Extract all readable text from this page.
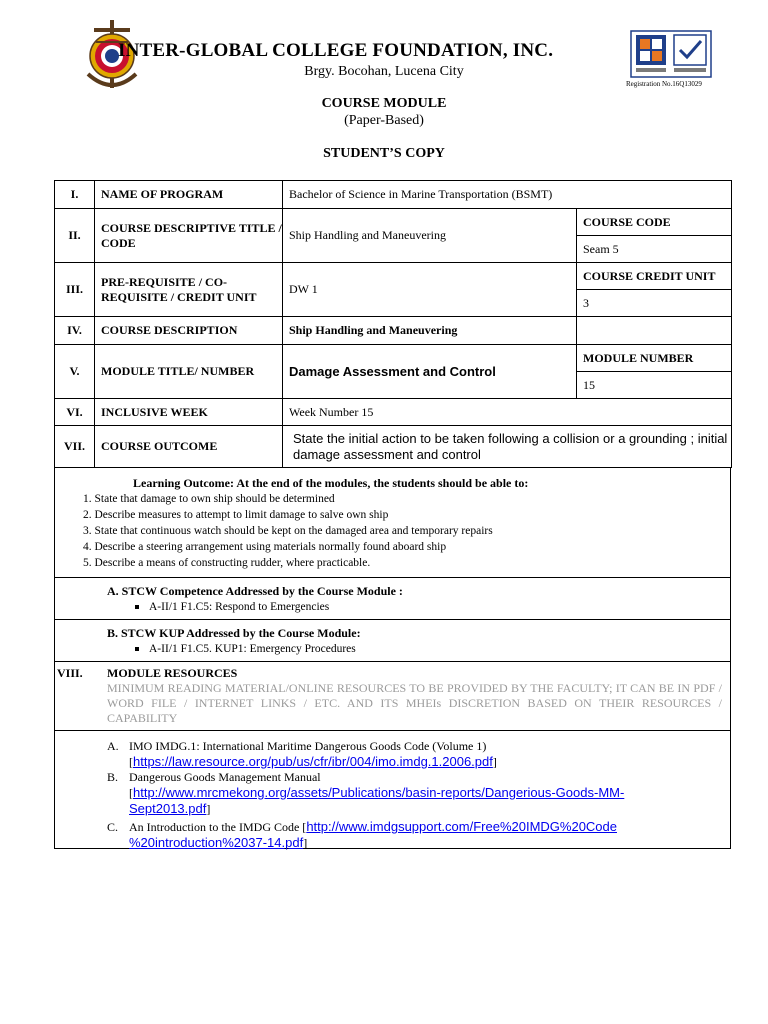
INTER-GLOBAL COLLEGE FOUNDATION, INC.
Brgy. Bocohan, Lucena City
Registration No.16Q13029
COURSE MODULE
(Paper-Based)
STUDENT’S COPY
I.	NAME OF PROGRAM	Bachelor of Science in Marine Transportation (BSMT)	
II.	COURSE DESCRIPTIVE TITLE / CODE	Ship Handling and Maneuvering	COURSE CODE
			Seam 5
III.	PRE-REQUISITE / CO-REQUISITE / CREDIT UNIT	DW 1	COURSE CREDIT UNIT
			3
IV.	COURSE DESCRIPTION	Ship Handling and Maneuvering	
V.	MODULE TITLE/ NUMBER	Damage Assessment and Control	MODULE NUMBER
			15
VI.	INCLUSIVE WEEK	Week Number 15	
VII.	COURSE OUTCOME	State the initial action to be taken following a collision or a grounding ; initial damage assessment and control	
Learning Outcome: At the end of the modules, the students should be able to:
1. State that damage to own ship should be determined
2. Describe measures to attempt to limit damage to salve own ship
3. State that continuous watch should be kept on the damaged area and temporary repairs
4. Describe a steering arrangement using materials normally found aboard ship
5. Describe a means of constructing rudder, where practicable.
A. STCW Competence Addressed by the Course Module :
A-II/1 F1.C5: Respond to Emergencies
B. STCW KUP Addressed by the Course Module:
A-II/1 F1.C5. KUP1: Emergency Procedures
VIII.	MODULE RESOURCES
MINIMUM READING MATERIAL/ONLINE RESOURCES TO BE PROVIDED BY THE FACULTY; IT CAN BE IN PDF / WORD FILE / INTERNET LINKS / ETC. AND ITS MHEIs DISCRETION BASED ON THEIR RESOURCES / CAPABILITY
A. IMO IMDG.1: International Maritime Dangerous Goods Code (Volume 1)
[https://law.resource.org/pub/us/cfr/ibr/004/imo.imdg.1.2006.pdf]
B. Dangerous Goods Management Manual
[http://www.mrcmekong.org/assets/Publications/basin-reports/Dangerious-Goods-MM-
Sept2013.pdf]
C. An Introduction to the IMDG Code [http://www.imdgsupport.com/Free%20IMDG%20Code
%20introduction%2037-14.pdf]
